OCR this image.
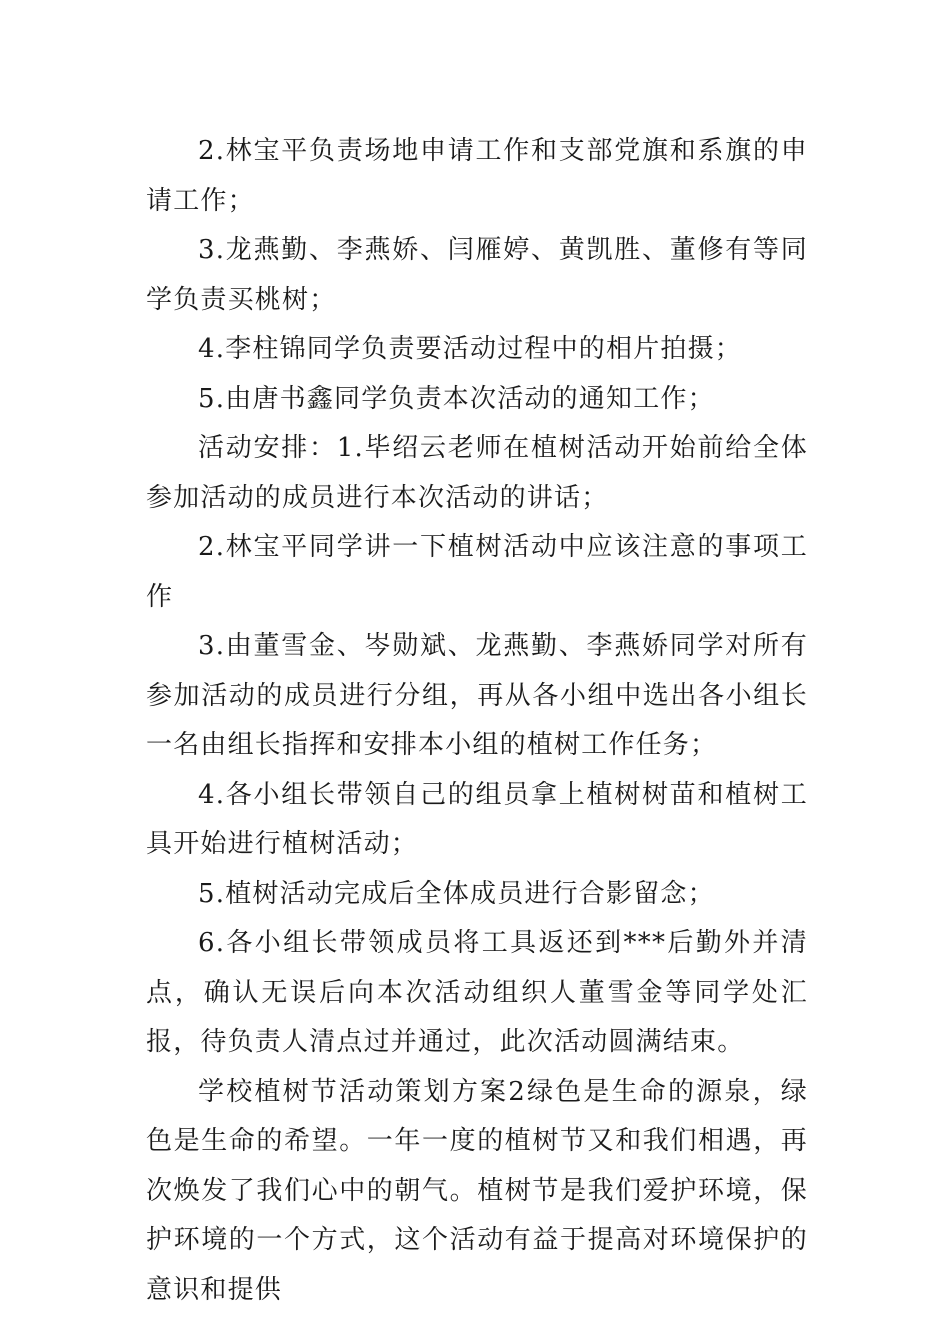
2.林宝平负责场地申请工作和支部党旗和系旗的申请工作；

3.龙燕勤、李燕娇、闫雁婷、黄凯胜、董修有等同学负责买桃树；

4.李柱锦同学负责要活动过程中的相片拍摄；

5.由唐书鑫同学负责本次活动的通知工作；

活动安排：1.毕绍云老师在植树活动开始前给全体参加活动的成员进行本次活动的讲话；

2.林宝平同学讲一下植树活动中应该注意的事项工作

3.由董雪金、岑勋斌、龙燕勤、李燕娇同学对所有参加活动的成员进行分组，再从各小组中选出各小组长一名由组长指挥和安排本小组的植树工作任务；

4.各小组长带领自己的组员拿上植树树苗和植树工具开始进行植树活动；

5.植树活动完成后全体成员进行合影留念；

6.各小组长带领成员将工具返还到***后勤外并清点，确认无误后向本次活动组织人董雪金等同学处汇报，待负责人清点过并通过，此次活动圆满结束。

学校植树节活动策划方案2绿色是生命的源泉，绿色是生命的希望。一年一度的植树节又和我们相遇，再次焕发了我们心中的朝气。植树节是我们爱护环境，保护环境的一个方式，这个活动有益于提高对环境保护的意识和提供
